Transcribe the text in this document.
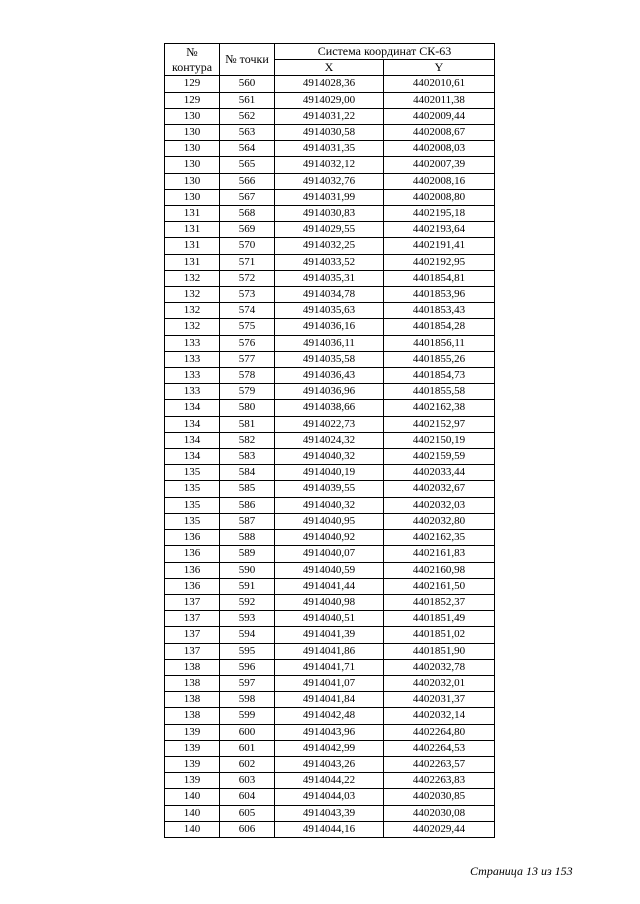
№ контура	№ точки	Система координат СК-63	
		X	Y
129	560	4914028,36	4402010,61
129	561	4914029,00	4402011,38
130	562	4914031,22	4402009,44
130	563	4914030,58	4402008,67
130	564	4914031,35	4402008,03
130	565	4914032,12	4402007,39
130	566	4914032,76	4402008,16
130	567	4914031,99	4402008,80
131	568	4914030,83	4402195,18
131	569	4914029,55	4402193,64
131	570	4914032,25	4402191,41
131	571	4914033,52	4402192,95
132	572	4914035,31	4401854,81
132	573	4914034,78	4401853,96
132	574	4914035,63	4401853,43
132	575	4914036,16	4401854,28
133	576	4914036,11	4401856,11
133	577	4914035,58	4401855,26
133	578	4914036,43	4401854,73
133	579	4914036,96	4401855,58
134	580	4914038,66	4402162,38
134	581	4914022,73	4402152,97
134	582	4914024,32	4402150,19
134	583	4914040,32	4402159,59
135	584	4914040,19	4402033,44
135	585	4914039,55	4402032,67
135	586	4914040,32	4402032,03
135	587	4914040,95	4402032,80
136	588	4914040,92	4402162,35
136	589	4914040,07	4402161,83
136	590	4914040,59	4402160,98
136	591	4914041,44	4402161,50
137	592	4914040,98	4401852,37
137	593	4914040,51	4401851,49
137	594	4914041,39	4401851,02
137	595	4914041,86	4401851,90
138	596	4914041,71	4402032,78
138	597	4914041,07	4402032,01
138	598	4914041,84	4402031,37
138	599	4914042,48	4402032,14
139	600	4914043,96	4402264,80
139	601	4914042,99	4402264,53
139	602	4914043,26	4402263,57
139	603	4914044,22	4402263,83
140	604	4914044,03	4402030,85
140	605	4914043,39	4402030,08
140	606	4914044,16	4402029,44
Страница 13 из 153
